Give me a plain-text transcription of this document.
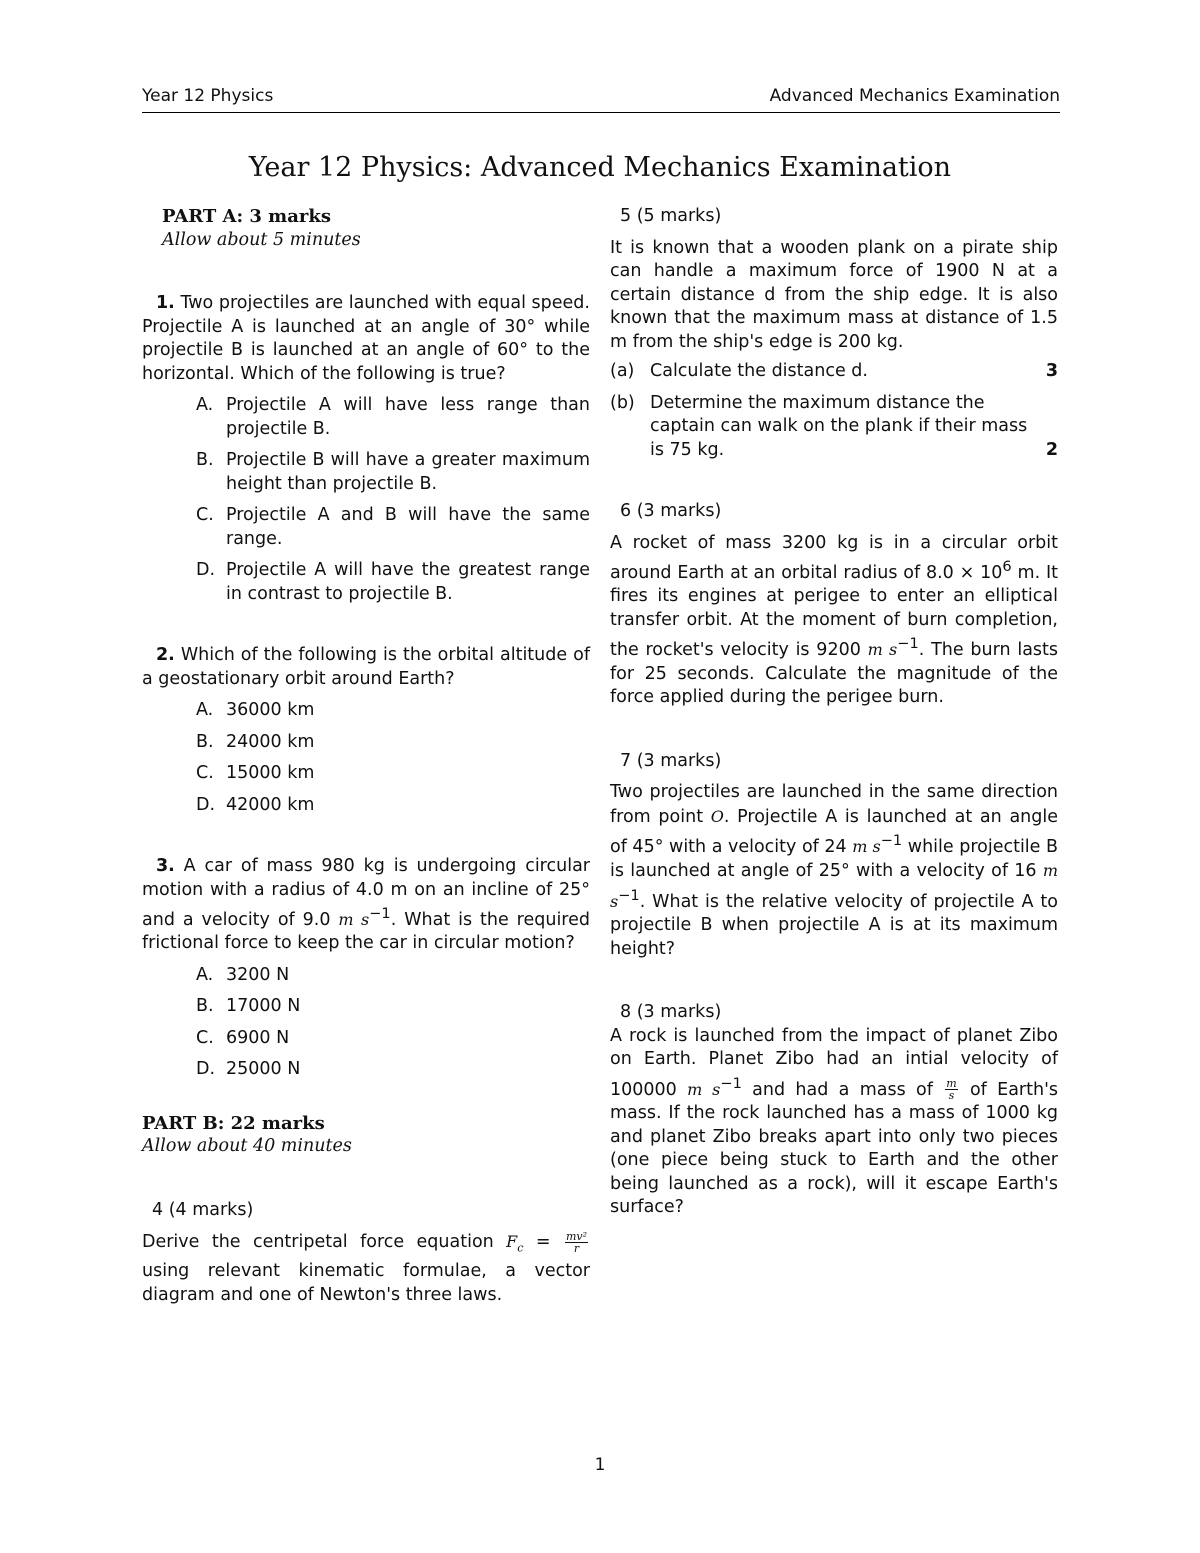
Year 12 Physics	Advanced Mechanics Examination
Year 12 Physics: Advanced Mechanics Examination
PART A: 3 marks
Allow about 5 minutes

1. Two projectiles are launched with equal speed. Projectile A is launched at an angle of 30° while projectile B is launched at an angle of 60° to the horizontal. Which of the following is true?

A. Projectile A will have less range than projectile B.
B. Projectile B will have a greater maximum height than projectile B.
C. Projectile A and B will have the same range.
D. Projectile A will have the greatest range in contrast to projectile B.

2. Which of the following is the orbital altitude of a geostationary orbit around Earth?

A. 36000 km
B. 24000 km
C. 15000 km
D. 42000 km

3. A car of mass 980 kg is undergoing circular motion with a radius of 4.0 m on an incline of 25° and a velocity of 9.0 m $s^{-1}$. What is the required frictional force to keep the car in circular motion?

A. 3200 N
B. 17000 N
C. 6900 N
D. 25000 N
PART B: 22 marks
Allow about 40 minutes
4 (4 marks)

Derive the centripetal force equation $F_c = \frac{\text{mv²}}{r}$
using relevant kinematic formulae, a vector diagram and one of Newton's three laws.

5 (5 marks)

It is known that a wooden plank on a pirate ship can handle a maximum force of 1900 N at a certain distance d from the ship edge. It is also known that the maximum mass at distance of 1.5 m from the ship's edge is 200 kg.

(a) Calculate the distance d.	3
(b) Determine the maximum distance the captain can walk on the plank if their mass is 75 kg.	2
6 (3 marks)

A rocket of mass 3200 kg is in a circular orbit around Earth at an orbital radius of $8.0 \times 10^6$ m. It fires its engines at perigee to enter an elliptical transfer orbit. At the moment of burn completion, the rocket's velocity is 9200 m $s^{-1}$. The burn lasts for 25 seconds. Calculate the magnitude of the force applied during the perigee burn.

7 (3 marks)

Two projectiles are launched in the same direction from point O. Projectile A is launched at an angle of 45° with a velocity of 24 m $s^{-1}$ while projectile B is launched at angle of 25° with a velocity of 16 m $s^{-1}$. What is the relative velocity of projectile A to projectile B when projectile A is at its maximum height?

8 (3 marks)

A rock is launched from the impact of planet Zibo on Earth. Planet Zibo had an intial velocity of 100000 m $s^{-1}$ and had a mass of $\frac{m}{s}$ of Earth's mass. If the rock launched has a mass of 1000 kg and planet Zibo breaks apart into only two pieces (one piece being stuck to Earth and the other being launched as a rock), will it escape Earth's surface?

1
